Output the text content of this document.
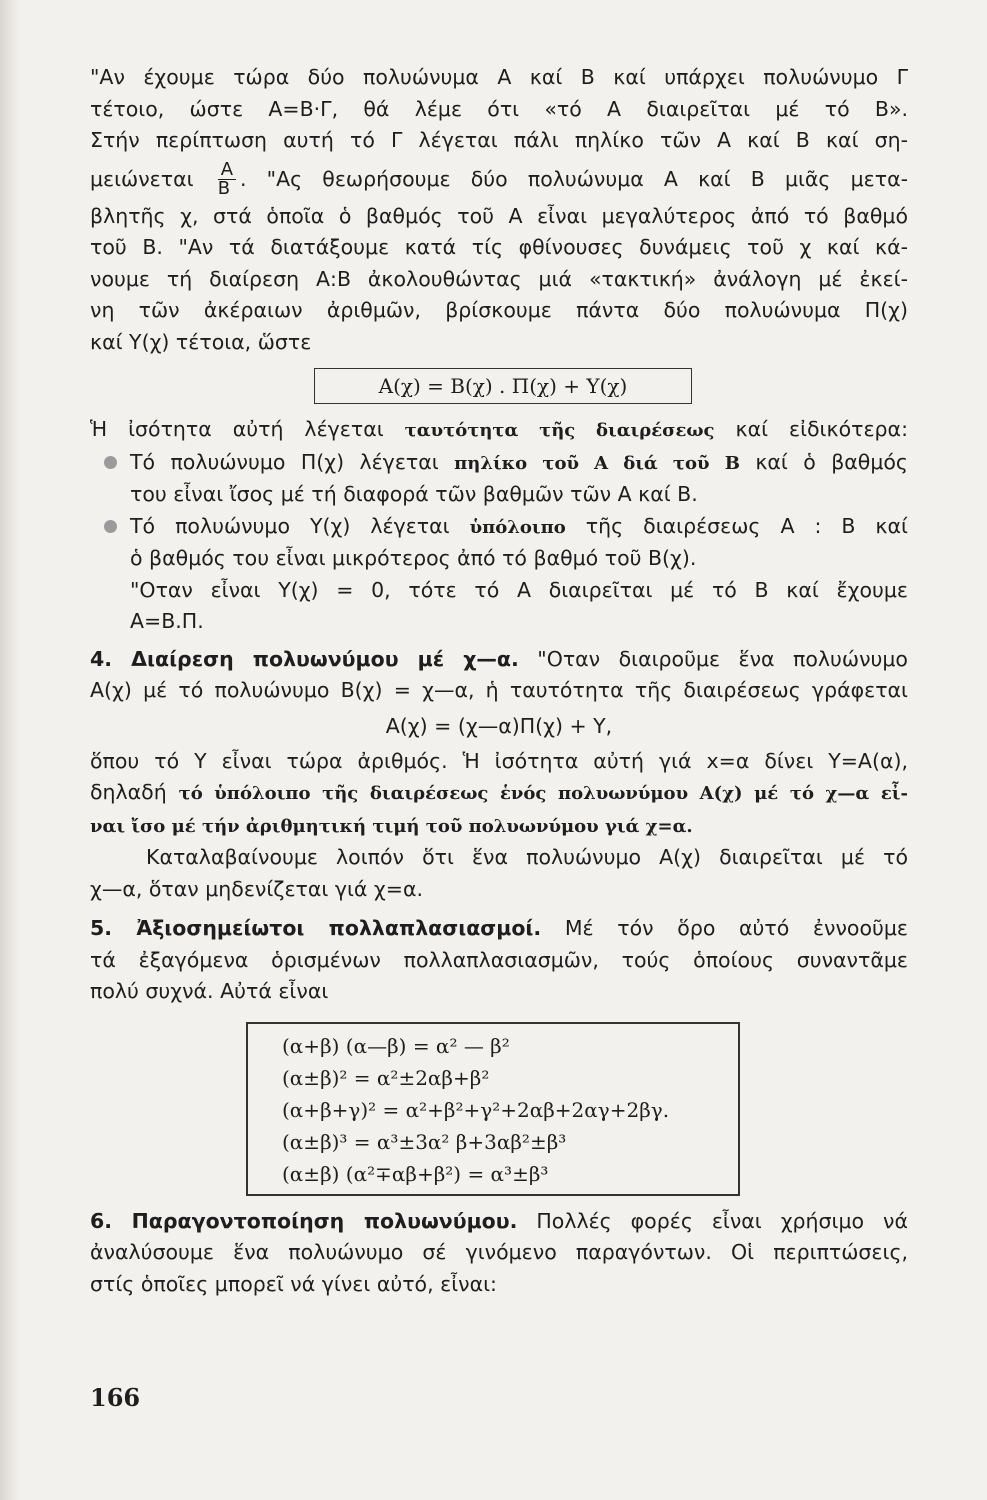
"Αν έχουμε τώρα δύο πολυώνυμα Α καί Β καί υπάρχει πολυώνυμο Γ

τέτοιο, ώστε Α=Β·Γ, θά λέμε ότι «τό Α διαιρεῖται μέ τό Β».

Στήν περίπτωση αυτή τό Γ λέγεται πάλι πηλίκο τῶν Α καί Β καί ση-

μειώνεται $\frac{A}{B}$ . "Ας θεωρήσουμε δύο πολυώνυμα Α καί Β μιᾶς μετα-

βλητῆς χ, στά ὁποῖα ὁ βαθμός τοῦ Α εἶναι μεγαλύτερος ἀπό τό βαθμό

τοῦ Β. "Αν τά διατάξουμε κατά τίς φθίνουσες δυνάμεις τοῦ χ καί κά-

νουμε τή διαίρεση Α:Β ἀκολουθώντας μιά «τακτική» ἀνάλογη μέ ἐκεί-

νη τῶν ἀκέραιων ἀριθμῶν, βρίσκουμε πάντα δύο πολυώνυμα Π(χ)

καί Υ(χ) τέτοια, ὥστε

Α(χ) = Β(χ) . Π(χ) + Υ(χ)

Ἡ ἰσότητα αὐτή λέγεται ταυτότητα τῆς διαιρέσεως καί εἰδικότερα:

Τό πολυώνυμο Π(χ) λέγεται πηλίκο τοῦ Α διά τοῦ Β καί ὁ βαθμός

του εἶναι ἴσος μέ τή διαφορά τῶν βαθμῶν τῶν Α καί Β.

Τό πολυώνυμο Υ(χ) λέγεται ὑπόλοιπο τῆς διαιρέσεως Α : Β καί

ὁ βαθμός του εἶναι μικρότερος ἀπό τό βαθμό τοῦ Β(χ).

"Οταν εἶναι Υ(χ) = 0, τότε τό Α διαιρεῖται μέ τό Β καί ἔχουμε

Α=Β.Π.

4. Διαίρεση πολυωνύμου μέ χ—α. "Οταν διαιροῦμε ἕνα πολυώνυμο

Α(χ) μέ τό πολυώνυμο Β(χ) = χ—α, ἡ ταυτότητα τῆς διαιρέσεως γράφεται

Α(χ) = (χ—α)Π(χ) + Υ,

ὅπου τό Υ εἶναι τώρα ἀριθμός. Ἡ ἰσότητα αὐτή γιά x=α δίνει Υ=Α(α),

δηλαδή τό ὑπόλοιπο τῆς διαιρέσεως ἑνός πολυωνύμου Α(χ) μέ τό χ—α εἶ-

ναι ἴσο μέ τήν ἀριθμητική τιμή τοῦ πολυωνύμου γιά χ=α.

Καταλαβαίνουμε λοιπόν ὅτι ἕνα πολυώνυμο Α(χ) διαιρεῖται μέ τό

χ—α, ὅταν μηδενίζεται γιά χ=α.

5. Ἀξιοσημείωτοι πολλαπλασιασμοί. Μέ τόν ὅρο αὐτό ἐννοοῦμε

τά ἐξαγόμενα ὁρισμένων πολλαπλασιασμῶν, τούς ὁποίους συναντᾶμε

πολύ συχνά. Αὐτά εἶναι

(α+β) (α—β) = α² — β²
(α±β)² = α²±2αβ+β²
(α+β+γ)² = α²+β²+γ²+2αβ+2αγ+2βγ.
(α±β)³ = α³±3α² β+3αβ²±β³
(α±β) (α²∓αβ+β²) = α³±β³

6. Παραγοντοποίηση πολυωνύμου. Πολλές φορές εἶναι χρήσιμο νά

ἀναλύσουμε ἕνα πολυώνυμο σέ γινόμενο παραγόντων. Οἱ περιπτώσεις,

στίς ὁποῖες μπορεῖ νά γίνει αὐτό, εἶναι:

166
